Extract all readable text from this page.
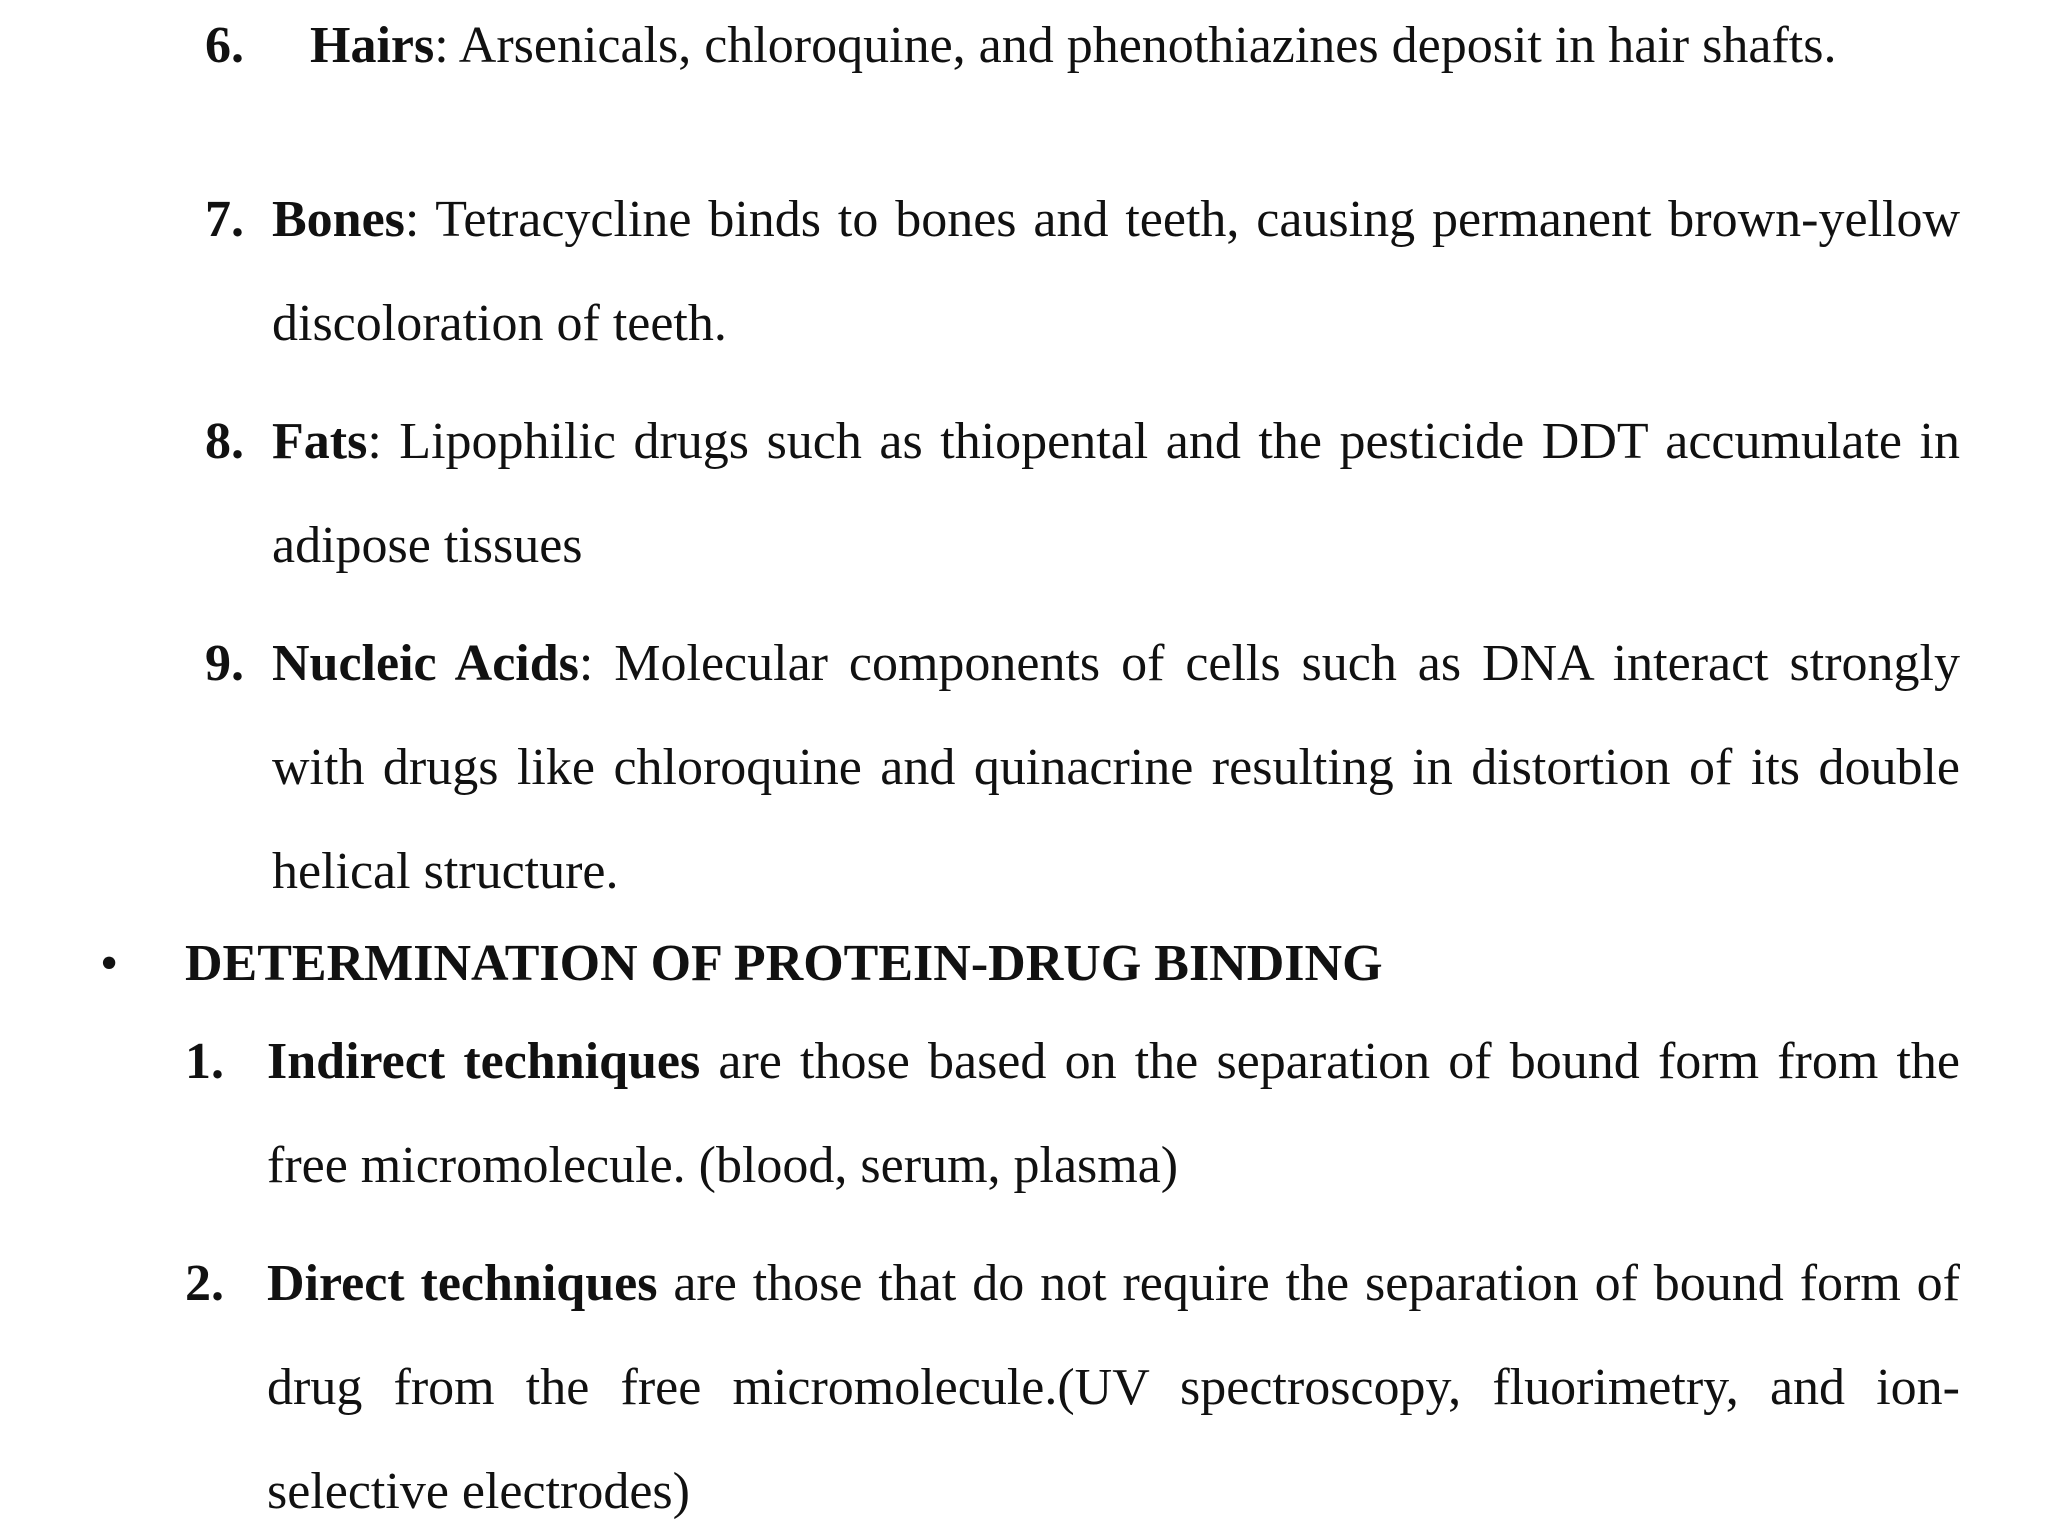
6. Hairs: Arsenicals, chloroquine, and phenothiazines deposit in hair shafts.
7. Bones: Tetracycline binds to bones and teeth, causing permanent brown-yellow discoloration of teeth.
8. Fats: Lipophilic drugs such as thiopental and the pesticide DDT accumulate in adipose tissues
9. Nucleic Acids: Molecular components of cells such as DNA interact strongly with drugs like chloroquine and quinacrine resulting in distortion of its double helical structure.
• DETERMINATION OF PROTEIN-DRUG BINDING
1. Indirect techniques are those based on the separation of bound form from the free micromolecule. (blood, serum, plasma)
2. Direct techniques are those that do not require the separation of bound form of drug from the free micromolecule.(UV spectroscopy, fluorimetry, and ion-selective electrodes)
